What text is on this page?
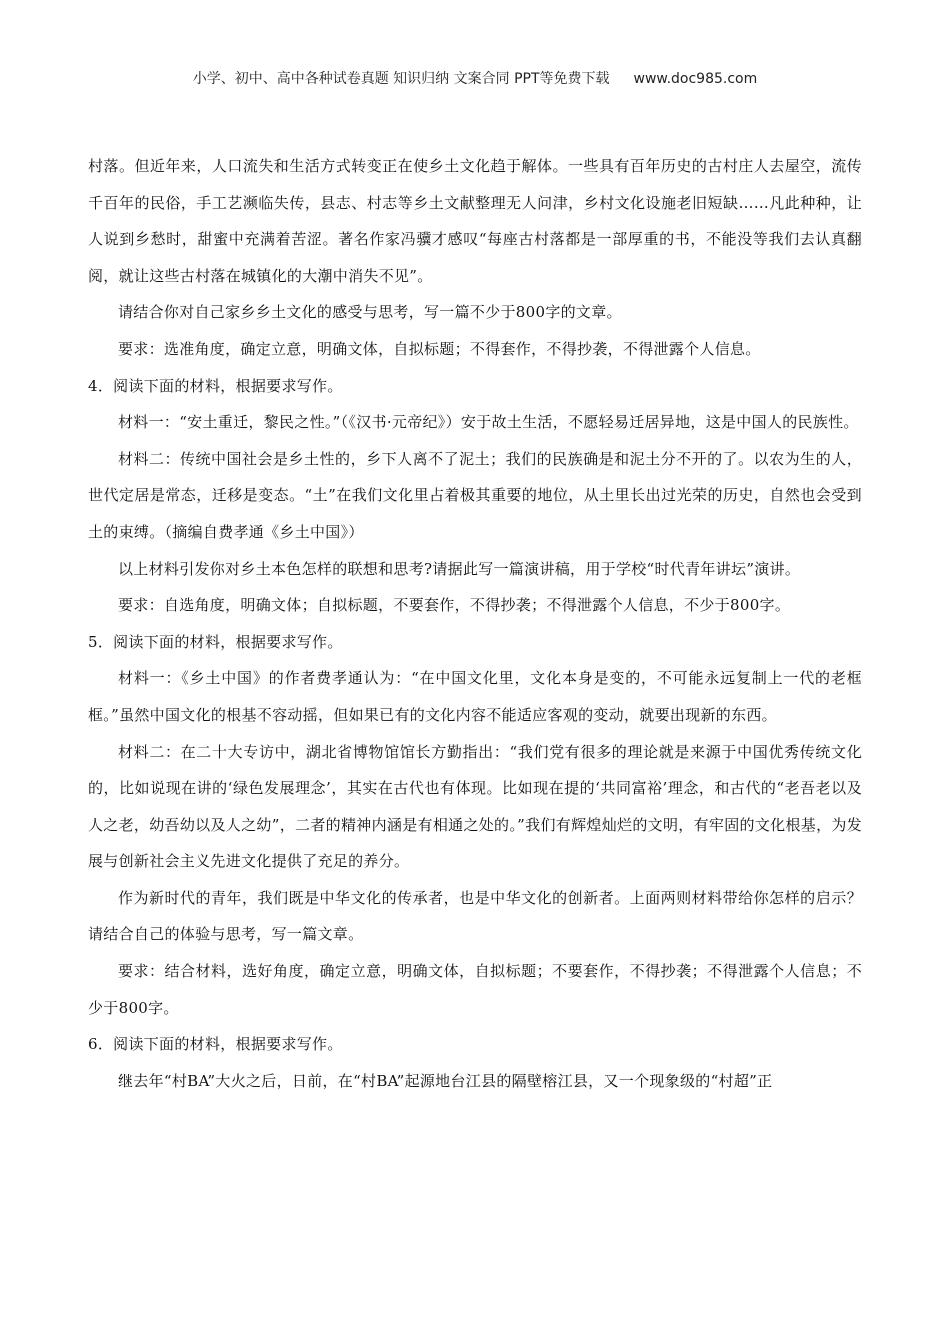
小学、初中、高中各种试卷真题 知识归纳 文案合同 PPT等免费下载 www.doc985.com

村落。但近年来，人口流失和生活方式转变正在使乡土文化趋于解体。一些具有百年历史的古村庄人去屋空，流传千百年的民俗，手工艺濒临失传，县志、村志等乡土文献整理无人问津，乡村文化设施老旧短缺……凡此种种，让人说到乡愁时，甜蜜中充满着苦涩。著名作家冯骥才感叹“每座古村落都是一部厚重的书，不能没等我们去认真翻阅，就让这些古村落在城镇化的大潮中消失不见”。

请结合你对自己家乡乡土文化的感受与思考，写一篇不少于800字的文章。

要求：选准角度，确定立意，明确文体，自拟标题；不得套作，不得抄袭，不得泄露个人信息。

4．阅读下面的材料，根据要求写作。

材料一：“安土重迁，黎民之性。”（《汉书·元帝纪》）安于故土生活，不愿轻易迁居异地，这是中国人的民族性。

材料二：传统中国社会是乡土性的，乡下人离不了泥土；我们的民族确是和泥土分不开的了。以农为生的人，世代定居是常态，迁移是变态。“土”在我们文化里占着极其重要的地位，从土里长出过光荣的历史，自然也会受到土的束缚。（摘编自费孝通《乡土中国》）

以上材料引发你对乡土本色怎样的联想和思考?请据此写一篇演讲稿，用于学校“时代青年讲坛”演讲。

要求：自选角度，明确文体；自拟标题，不要套作，不得抄袭；不得泄露个人信息，不少于800字。

5．阅读下面的材料，根据要求写作。

材料一：《乡土中国》的作者费孝通认为：“在中国文化里，文化本身是变的，不可能永远复制上一代的老框框。”虽然中国文化的根基不容动摇，但如果已有的文化内容不能适应客观的变动，就要出现新的东西。

材料二：在二十大专访中，湖北省博物馆馆长方勤指出：“我们党有很多的理论就是来源于中国优秀传统文化的，比如说现在讲的‘绿色发展理念’，其实在古代也有体现。比如现在提的‘共同富裕’理念，和古代的“老吾老以及人之老，幼吾幼以及人之幼”，二者的精神内涵是有相通之处的。”我们有辉煌灿烂的文明，有牢固的文化根基，为发展与创新社会主义先进文化提供了充足的养分。

作为新时代的青年，我们既是中华文化的传承者，也是中华文化的创新者。上面两则材料带给你怎样的启示？请结合自己的体验与思考，写一篇文章。

要求：结合材料，选好角度，确定立意，明确文体，自拟标题；不要套作，不得抄袭；不得泄露个人信息；不少于800字。

6．阅读下面的材料，根据要求写作。

继去年“村BA”大火之后，日前，在“村BA”起源地台江县的隔壁榕江县，又一个现象级的“村超”正
